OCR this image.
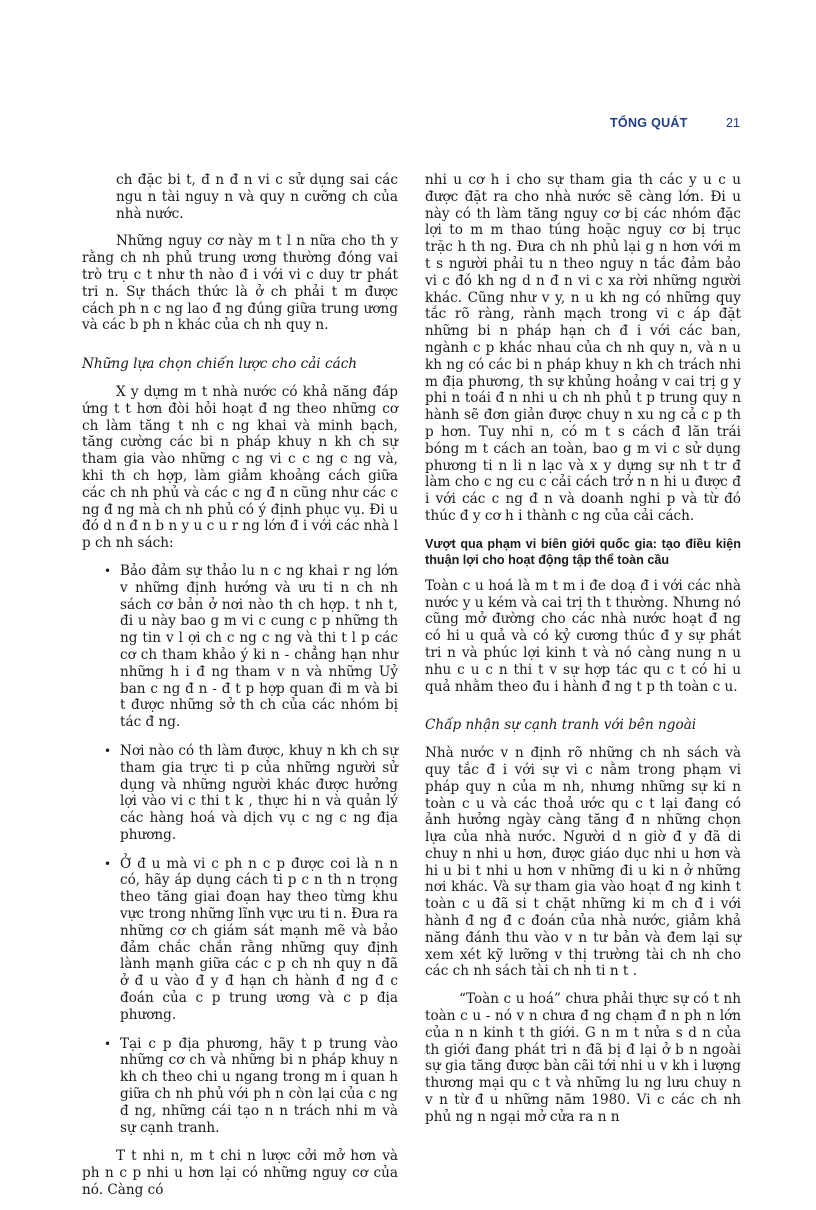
TỔNG QUÁT	21

ch đặc bi t, đ n đ n vi c sử dụng sai các ngu n tài nguy n và quy n cưỡng ch của nhà nước.

Những nguy cơ này m t l n nữa cho th y rằng ch nh phủ trung ương thường đóng vai trò trụ c t như th nào đ i với vi c duy tr phát tri n. Sự thách thức là ở ch phải t m được cách ph n c ng lao đ ng đúng giữa trung ương và các b ph n khác của ch nh quy n.

Những lựa chọn chiến lược cho cải cách

X y dựng m t nhà nước có khả năng đáp ứng t t hơn đòi hỏi hoạt đ ng theo những cơ ch làm tăng t nh c ng khai và minh bạch, tăng cường các bi n pháp khuy n kh ch sự tham gia vào những c ng vi c c ng c ng và, khi th ch hợp, làm giảm khoảng cách giữa các ch nh phủ và các c ng đ n cũng như các c ng đ ng mà ch nh phủ có ý định phục vụ. Đi u đó d n đ n b n y u c u r ng lớn đ i với các nhà l p ch nh sách:

• Bảo đảm sự thảo lu n c ng khai r ng lớn v những định hướng và ưu ti n ch nh sách cơ bản ở nơi nào th ch hợp. t nh t, đi u này bao g m vi c cung c p những th ng tin v l ợi ch c ng c ng và thi t l p các cơ ch tham khảo ý ki n - chẳng hạn như những h i đ ng tham v n và những Uỷ ban c ng đ n - đ t p hợp quan đi m và bi t được những sở th ch của các nhóm bị tác đ ng.
• Nơi nào có th làm được, khuy n kh ch sự tham gia trực ti p của những người sử dụng và những người khác được hưởng lợi vào vi c thi t k , thực hi n và quản lý các hàng hoá và dịch vụ c ng c ng địa phương.
• Ở đ u mà vi c ph n c p được coi là n n có, hãy áp dụng cách ti p c n th n trọng theo tăng giai đoạn hay theo từng khu vực trong những lĩnh vực ưu ti n. Đưa ra những cơ ch giám sát mạnh mẽ và bảo đảm chắc chắn rằng những quy định lành mạnh giữa các c p ch nh quy n đã ở đ u vào đ y đ hạn ch hành đ ng đ c đoán của c p trung ương và c p địa phương.
• Tại c p địa phương, hãy t p trung vào những cơ ch và những bi n pháp khuy n kh ch theo chi u ngang trong m i quan h giữa ch nh phủ với ph n còn lại của c ng đ ng, những cái tạo n n trách nhi m và sự cạnh tranh.

T t nhi n, m t chi n lược cởi mở hơn và ph n c p nhi u hơn lại có những nguy cơ của nó. Càng có

nhi u cơ h i cho sự tham gia th các y u c u được đặt ra cho nhà nước sẽ càng lớn. Đi u này có th làm tăng nguy cơ bị các nhóm đặc lợi to m m thao túng hoặc nguy cơ bị trục trặc h th ng. Đưa ch nh phủ lại g n hơn với m t s người phải tu n theo nguy n tắc đảm bảo vi c đó kh ng d n đ n vi c xa rời những người khác. Cũng như v y, n u kh ng có những quy tắc rõ ràng, rành mạch trong vi c áp đặt những bi n pháp hạn ch đ i với các ban, ngành c p khác nhau của ch nh quy n, và n u kh ng có các bi n pháp khuy n kh ch trách nhi m địa phương, th sự khủng hoảng v cai trị g y phi n toái đ n nhi u ch nh phủ t p trung quy n hành sẽ đơn giản được chuy n xu ng cả c p th p hơn. Tuy nhi n, có m t s cách đ lăn trái bóng m t cách an toàn, bao g m vi c sử dụng phương ti n li n lạc và x y dựng sự nh t tr đ làm cho c ng cu c cải cách trở n n hi u được đ i với các c ng đ n và doanh nghi p và từ đó thúc đ y cơ h i thành c ng của cải cách.

Vượt qua phạm vi biên giới quốc gia: tạo điều kiện thuận lợi cho hoạt động tập thể toàn cầu

Toàn c u hoá là m t m i đe doạ đ i với các nhà nước y u kém và cai trị th t thường. Nhưng nó cũng mở đường cho các nhà nước hoạt đ ng có hi u quả và có kỷ cương thúc đ y sự phát tri n và phúc lợi kinh t và nó càng nung n u nhu c u c n thi t v sự hợp tác qu c t có hi u quả nhằm theo đu i hành đ ng t p th toàn c u.

Chấp nhận sự cạnh tranh với bên ngoài

Nhà nước v n định rõ những ch nh sách và quy tắc đ i với sự vi c nằm trong phạm vi pháp quy n của m nh, nhưng những sự ki n toàn c u và các thoả ước qu c t lại đang có ảnh hưởng ngày càng tăng đ n những chọn lựa của nhà nước. Người d n giờ đ y đã di chuy n nhi u hơn, được giáo dục nhi u hơn và hi u bi t nhi u hơn v những đi u ki n ở những nơi khác. Và sự tham gia vào hoạt đ ng kinh t toàn c u đã si t chặt những ki m ch đ i với hành đ ng đ c đoán của nhà nước, giảm khả năng đánh thu vào v n tư bản và đem lại sự xem xét kỹ lưỡng v thị trường tài ch nh cho các ch nh sách tài ch nh ti n t .

“Toàn c u hoá” chưa phải thực sự có t nh toàn c u - nó v n chưa đ ng chạm đ n ph n lớn của n n kinh t th giới. G n m t nửa s d n của th giới đang phát tri n đã bị đ lại ở b n ngoài sự gia tăng được bàn cãi tới nhi u v kh i lượng thương mại qu c t và những lu ng lưu chuy n v n từ đ u những năm 1980. Vi c các ch nh phủ ng n ngại mở cửa ra n n
